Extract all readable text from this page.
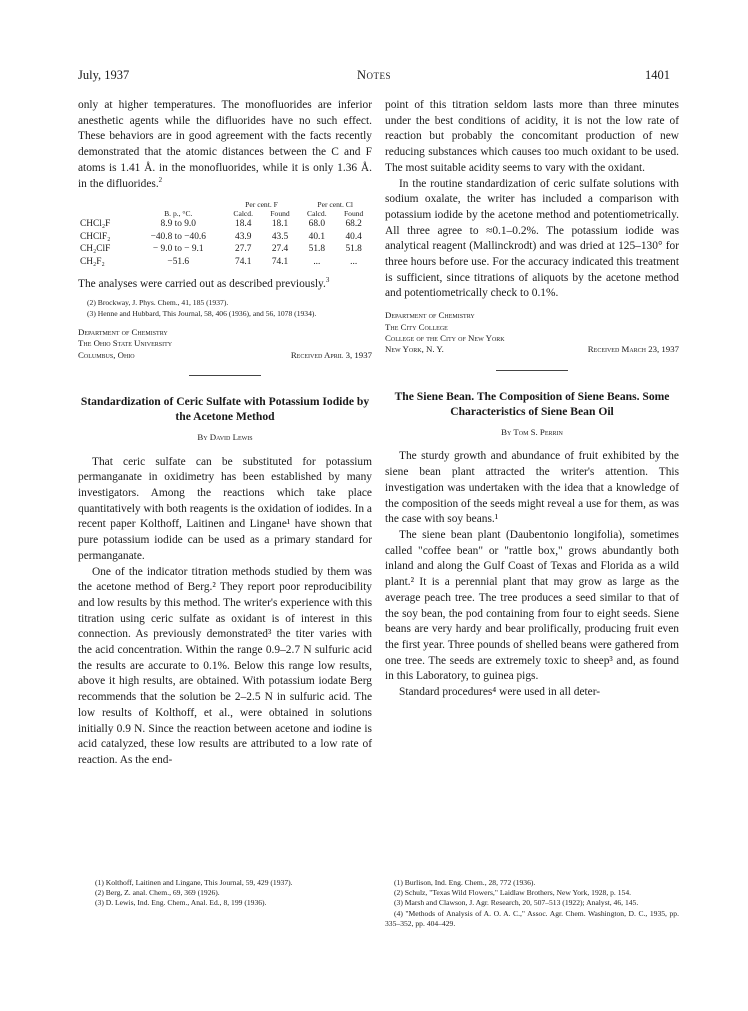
July, 1937	Notes	1401

only at higher temperatures. The monofluorides are inferior anesthetic agents while the difluorides have no such effect. These behaviors are in good agreement with the facts recently demonstrated that the atomic distances between the C and F atoms is 1.41 Å. in the monofluorides, while it is only 1.36 Å. in the difluorides.$^2$

		Per cent. F		Per cent. Cl	
	B. p., °C.	Calcd.	Found	Calcd.	Found
CHCl₂F	8.9 to 9.0	18.4	18.1	68.0	68.2
CHClF₂	−40.8 to −40.6	43.9	43.5	40.1	40.4
CH₂ClF	− 9.0 to − 9.1	27.7	27.4	51.8	51.8
CH₂F₂	−51.6	74.1	74.1	...	...

The analyses were carried out as described previously.$^3$

(2) Brockway, J. Phys. Chem., 41, 185 (1937).

(3) Henne and Hubbard, This Journal, 58, 406 (1936), and 56, 1078 (1934).

Department of Chemistry
The Ohio State University
Columbus, Ohio	Received April 3, 1937
Standardization of Ceric Sulfate with Potassium Iodide by the Acetone Method
By David Lewis

That ceric sulfate can be substituted for potassium permanganate in oxidimetry has been established by many investigators. Among the reactions which take place quantitatively with both reagents is the oxidation of iodides. In a recent paper Kolthoff, Laitinen and Lingane¹ have shown that pure potassium iodide can be used as a primary standard for permanganate.

One of the indicator titration methods studied by them was the acetone method of Berg.² They report poor reproducibility and low results by this method. The writer's experience with this titration using ceric sulfate as oxidant is of interest in this connection. As previously demonstrated³ the titer varies with the acid concentration. Within the range 0.9–2.7 N sulfuric acid the results are accurate to 0.1%. Below this range low results, above it high results, are obtained. With potassium iodate Berg recommends that the solution be 2–2.5 N in sulfuric acid. The low results of Kolthoff, et al., were obtained in solutions initially 0.9 N. Since the reaction between acetone and iodine is acid catalyzed, these low results are attributed to a low rate of reaction. As the end-

(1) Kolthoff, Laitinen and Lingane, This Journal, 59, 429 (1937).

(2) Berg, Z. anal. Chem., 69, 369 (1926).

(3) D. Lewis, Ind. Eng. Chem., Anal. Ed., 8, 199 (1936).

point of this titration seldom lasts more than three minutes under the best conditions of acidity, it is not the low rate of reaction but probably the concomitant production of new reducing substances which causes too much oxidant to be used. The most suitable acidity seems to vary with the oxidant.

In the routine standardization of ceric sulfate solutions with sodium oxalate, the writer has included a comparison with potassium iodide by the acetone method and potentiometrically. All three agree to ≈0.1–0.2%. The potassium iodide was analytical reagent (Mallinckrodt) and was dried at 125–130° for three hours before use. For the accuracy indicated this treatment is sufficient, since titrations of aliquots by the acetone method and potentiometrically check to 0.1%.

Department of Chemistry
The City College
College of the City of New York
New York, N. Y.	Received March 23, 1937
The Siene Bean. The Composition of Siene Beans. Some Characteristics of Siene Bean Oil
By Tom S. Perrin

The sturdy growth and abundance of fruit exhibited by the siene bean plant attracted the writer's attention. This investigation was undertaken with the idea that a knowledge of the composition of the seeds might reveal a use for them, as was the case with soy beans.¹

The siene bean plant (Daubentonio longifolia), sometimes called "coffee bean" or "rattle box," grows abundantly both inland and along the Gulf Coast of Texas and Florida as a wild plant.² It is a perennial plant that may grow as large as the average peach tree. The tree produces a seed similar to that of the soy bean, the pod containing from four to eight seeds. Siene beans are very hardy and bear prolifically, producing fruit even the first year. Three pounds of shelled beans were gathered from one tree. The seeds are extremely toxic to sheep³ and, as found in this Laboratory, to guinea pigs.

Standard procedures⁴ were used in all deter-

(1) Burlison, Ind. Eng. Chem., 28, 772 (1936).

(2) Schulz, "Texas Wild Flowers," Laidlaw Brothers, New York, 1928, p. 154.

(3) Marsh and Clawson, J. Agr. Research, 20, 507–513 (1922); Analyst, 46, 145.

(4) "Methods of Analysis of A. O. A. C.," Assoc. Agr. Chem. Washington, D. C., 1935, pp. 335–352, pp. 404–429.
